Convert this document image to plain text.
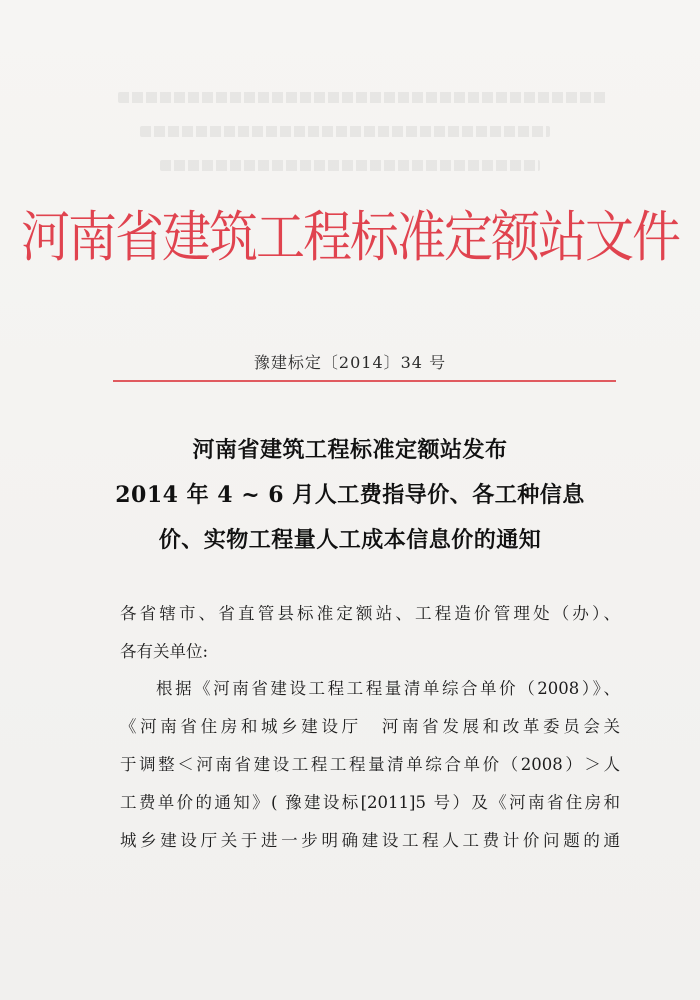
河南省建筑工程标准定额站文件
豫建标定〔2014〕34 号
河南省建筑工程标准定额站发布
2014 年 4 ~ 6 月人工费指导价、各工种信息
价、实物工程量人工成本信息价的通知
各省辖市、省直管县标准定额站、工程造价管理处（办）、
各有关单位:
根据《河南省建设工程工程量清单综合单价（2008）》、
《河南省住房和城乡建设厅　河南省发展和改革委员会关
于调整＜河南省建设工程工程量清单综合单价（2008）＞人
工费单价的通知》( 豫建设标[2011]5 号）及《河南省住房和
城乡建设厅关于进一步明确建设工程人工费计价问题的通
